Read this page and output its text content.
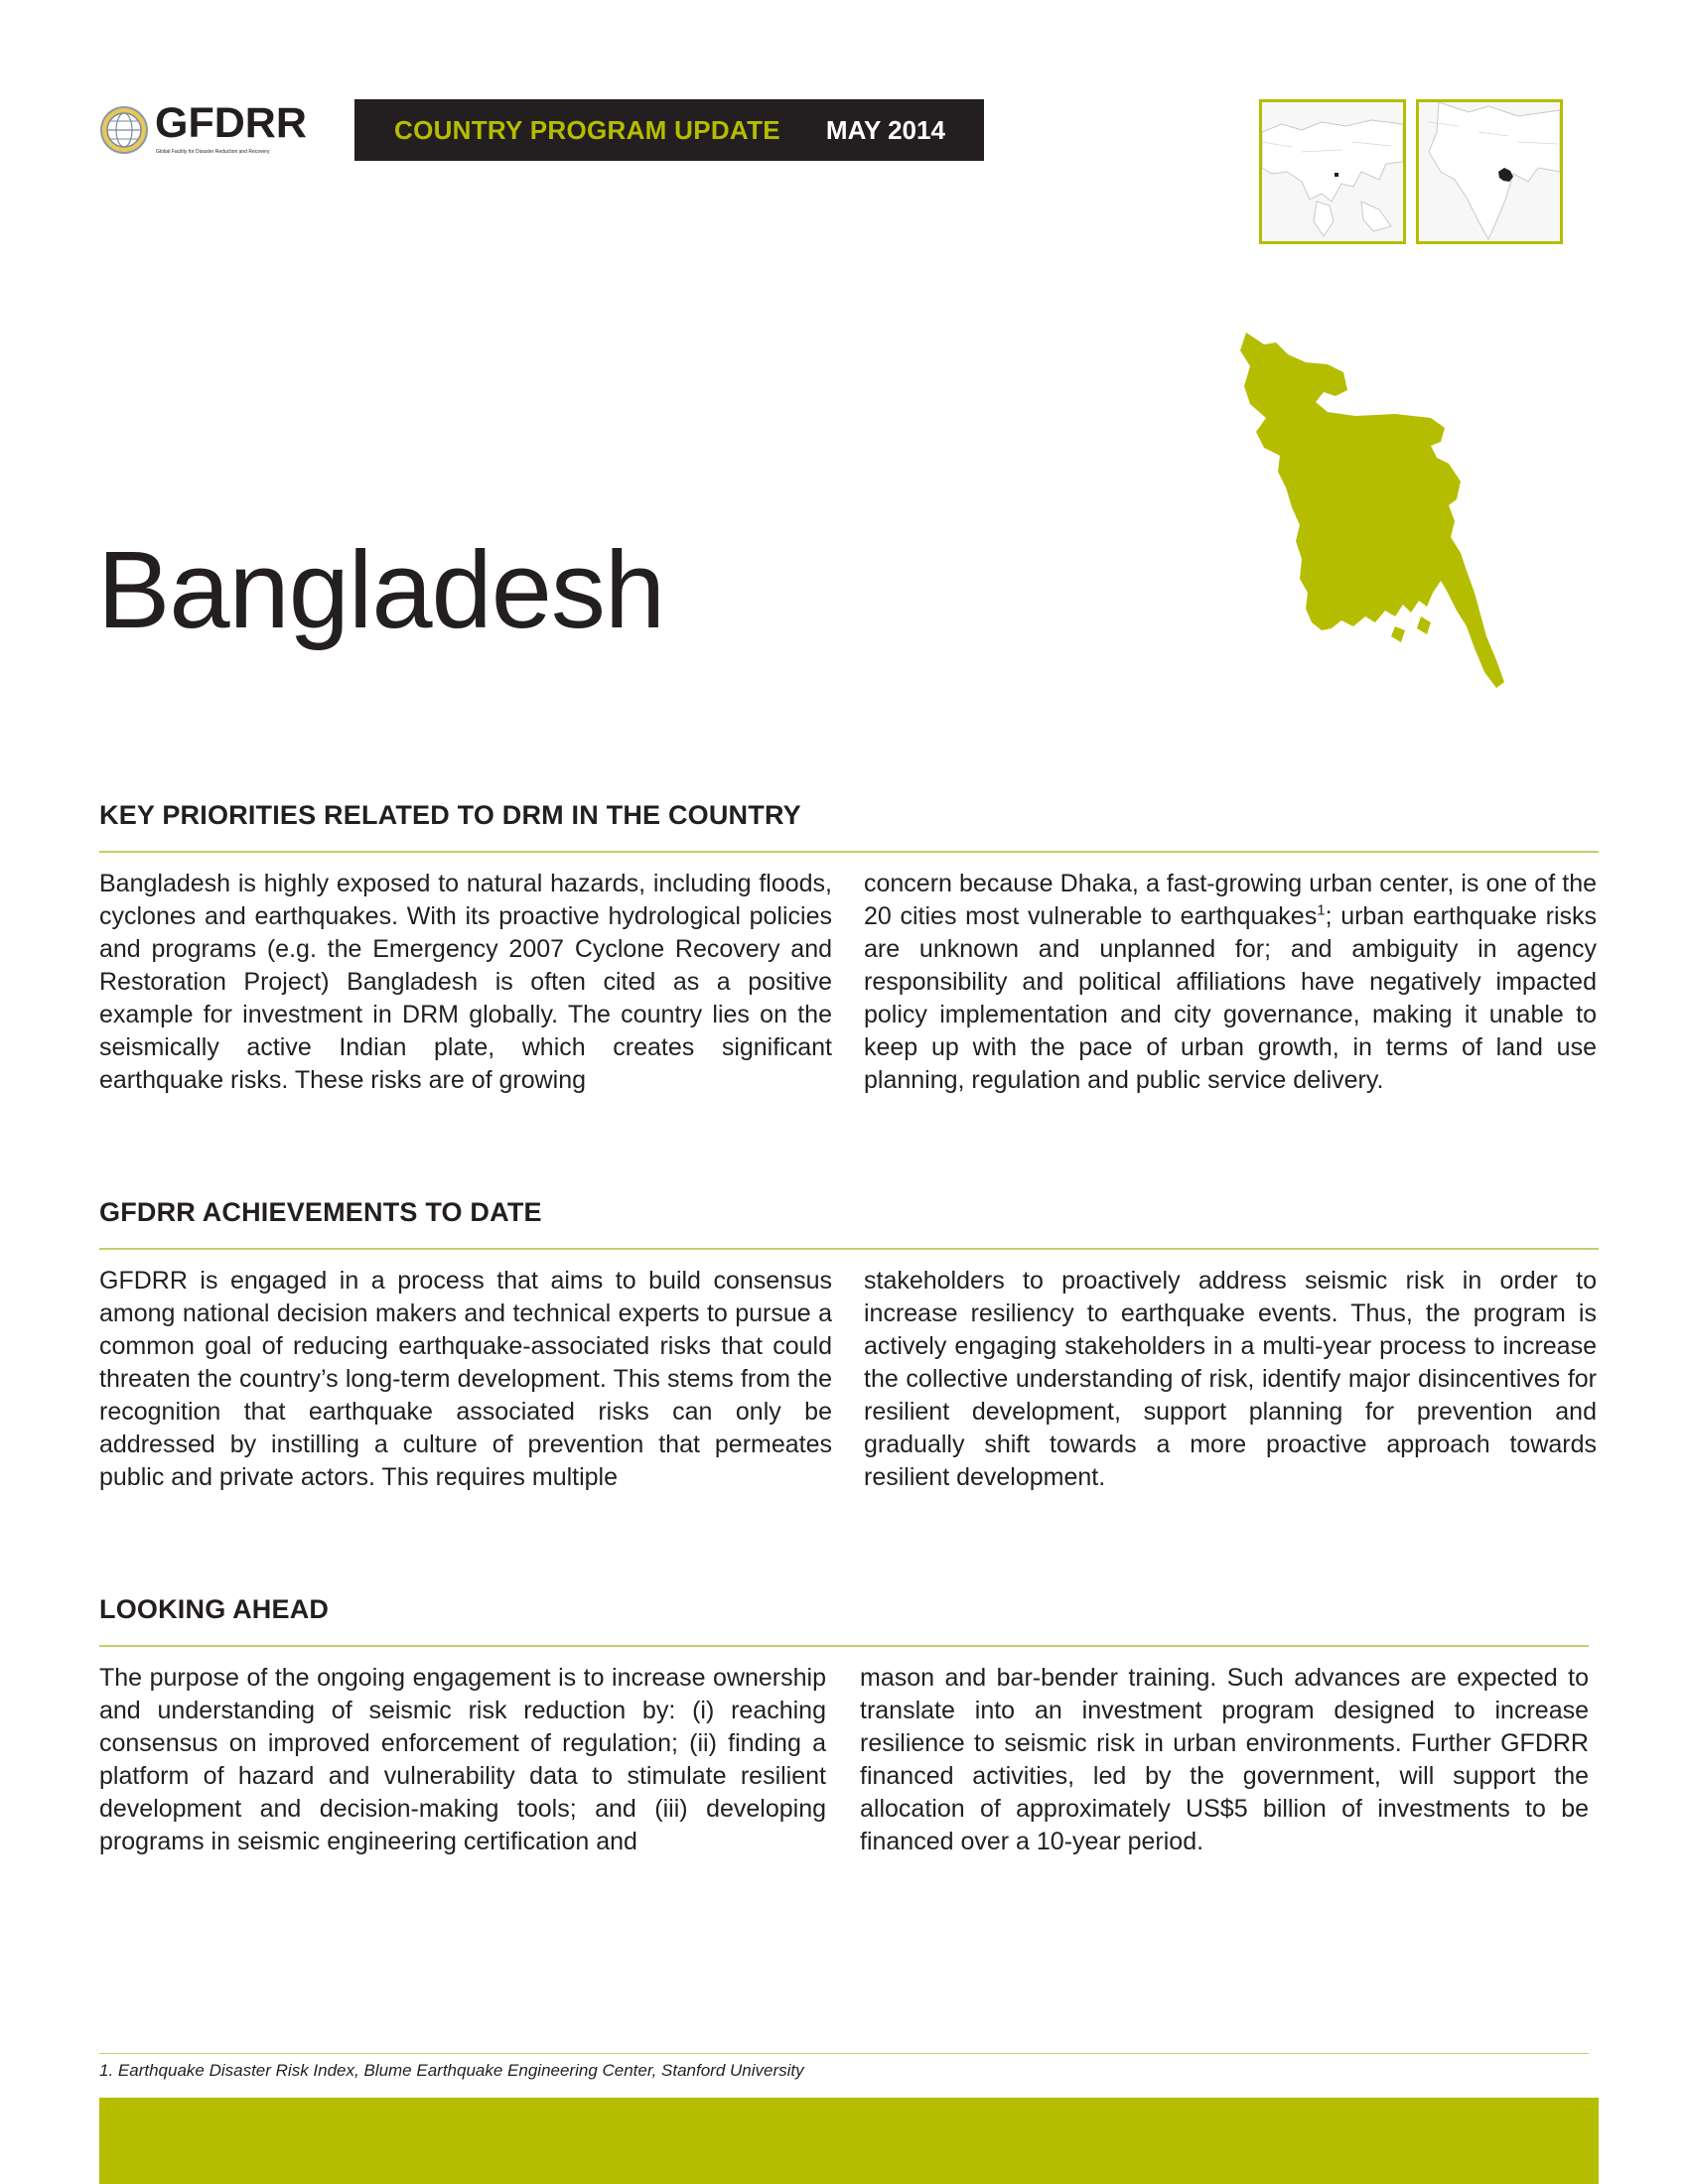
GFDRR
Global Facility for Disaster Reduction and Recovery
COUNTRY PROGRAM UPDATE MAY 2014
Bangladesh
KEY PRIORITIES RELATED TO DRM IN THE COUNTRY
Bangladesh is highly exposed to natural hazards, including floods, cyclones and earthquakes. With its proactive hydrological policies and programs (e.g. the Emergency 2007 Cyclone Recovery and Restoration Project) Bangladesh is often cited as a positive example for investment in DRM globally. The country lies on the seismically active Indian plate, which creates significant earthquake risks. These risks are of growing
concern because Dhaka, a fast-growing urban center, is one of the 20 cities most vulnerable to earthquakes$^1$; urban earthquake risks are unknown and unplanned for; and ambiguity in agency responsibility and political affiliations have negatively impacted policy implementation and city governance, making it unable to keep up with the pace of urban growth, in terms of land use planning, regulation and public service delivery.
GFDRR ACHIEVEMENTS TO DATE
GFDRR is engaged in a process that aims to build consensus among national decision makers and technical experts to pursue a common goal of reducing earthquake-associated risks that could threaten the country’s long-term development. This stems from the recognition that earthquake associated risks can only be addressed by instilling a culture of prevention that permeates public and private actors. This requires multiple
stakeholders to proactively address seismic risk in order to increase resiliency to earthquake events. Thus, the program is actively engaging stakeholders in a multi-year process to increase the collective understanding of risk, identify major disincentives for resilient development, support planning for prevention and gradually shift towards a more proactive approach towards resilient development.
LOOKING AHEAD
The purpose of the ongoing engagement is to increase ownership and understanding of seismic risk reduction by: (i) reaching consensus on improved enforcement of regulation; (ii) finding a platform of hazard and vulnerability data to stimulate resilient development and decision-making tools; and (iii) developing programs in seismic engineering certification and
mason and bar-bender training. Such advances are expected to translate into an investment program designed to increase resilience to seismic risk in urban environments. Further GFDRR financed activities, led by the government, will support the allocation of approximately US$5 billion of investments to be financed over a 10-year period.
1. Earthquake Disaster Risk Index, Blume Earthquake Engineering Center, Stanford University
